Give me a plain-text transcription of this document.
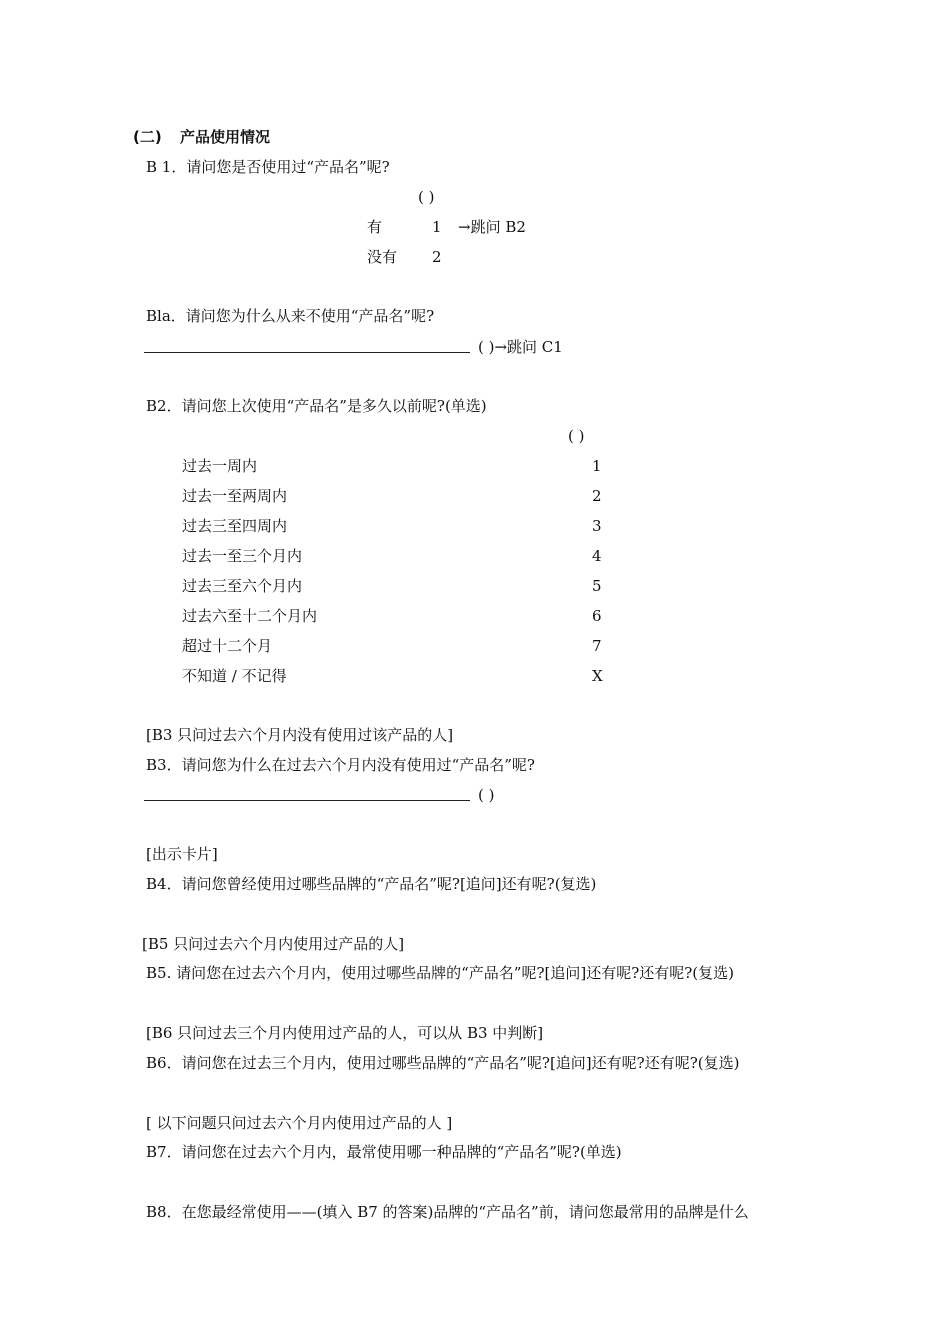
(二) 产品使用情况
B 1．请问您是否使用过“产品名”呢?
( )
有	1 →跳问 B2
没有 2
Bla．请问您为什么从来不使用“产品名”呢?
( )→跳问 C1
B2．请问您上次使用“产品名”是多久以前呢?(单选)
( )
过去一周内	1
过去一至两周内	2
过去三至四周内	3
过去一至三个月内	4
过去三至六个月内	5
过去六至十二个月内	6
超过十二个月	7
不知道 / 不记得	X
[B3 只问过去六个月内没有使用过该产品的人]
B3．请问您为什么在过去六个月内没有使用过“产品名”呢?
( )
[出示卡片]
B4．请问您曾经使用过哪些品牌的“产品名”呢?[追问]还有呢?(复选)
[B5 只问过去六个月内使用过产品的人]
B5. 请问您在过去六个月内，使用过哪些品牌的“产品名”呢?[追问]还有呢?还有呢?(复选)
[B6 只问过去三个月内使用过产品的人，可以从 B3 中判断]
B6．请问您在过去三个月内，使用过哪些品牌的“产品名”呢?[追问]还有呢?还有呢?(复选)
[ 以下问题只问过去六个月内使用过产品的人 ]
B7．请问您在过去六个月内，最常使用哪一种品牌的“产品名”呢?(单选)
B8．在您最经常使用——(填入 B7 的答案)品牌的“产品名”前，请问您最常用的品牌是什么
